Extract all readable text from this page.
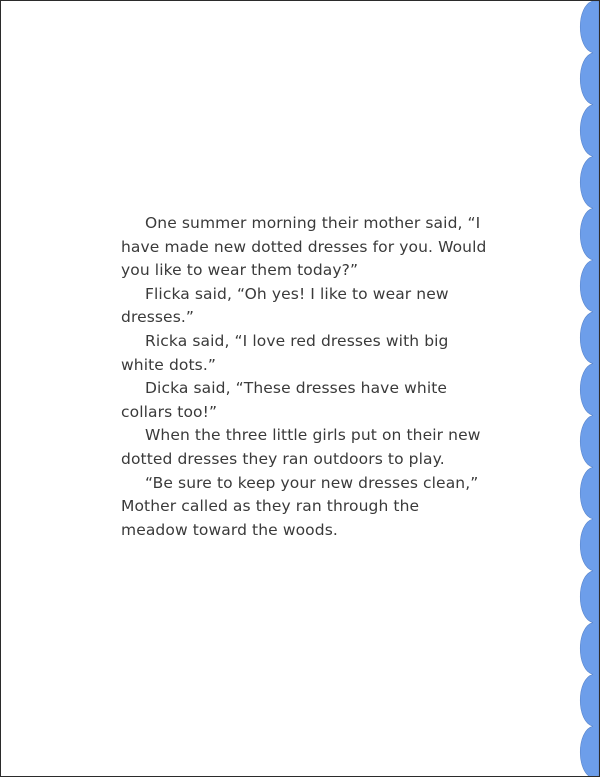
One summer morning their mother said, “I
have made new dotted dresses for you. Would
you like to wear them today?”
Flicka said, “Oh yes! I like to wear new
dresses.”
Ricka said, “I love red dresses with big
white dots.”
Dicka said, “These dresses have white
collars too!”
When the three little girls put on their new
dotted dresses they ran outdoors to play.
“Be sure to keep your new dresses clean,”
Mother called as they ran through the
meadow toward the woods.
